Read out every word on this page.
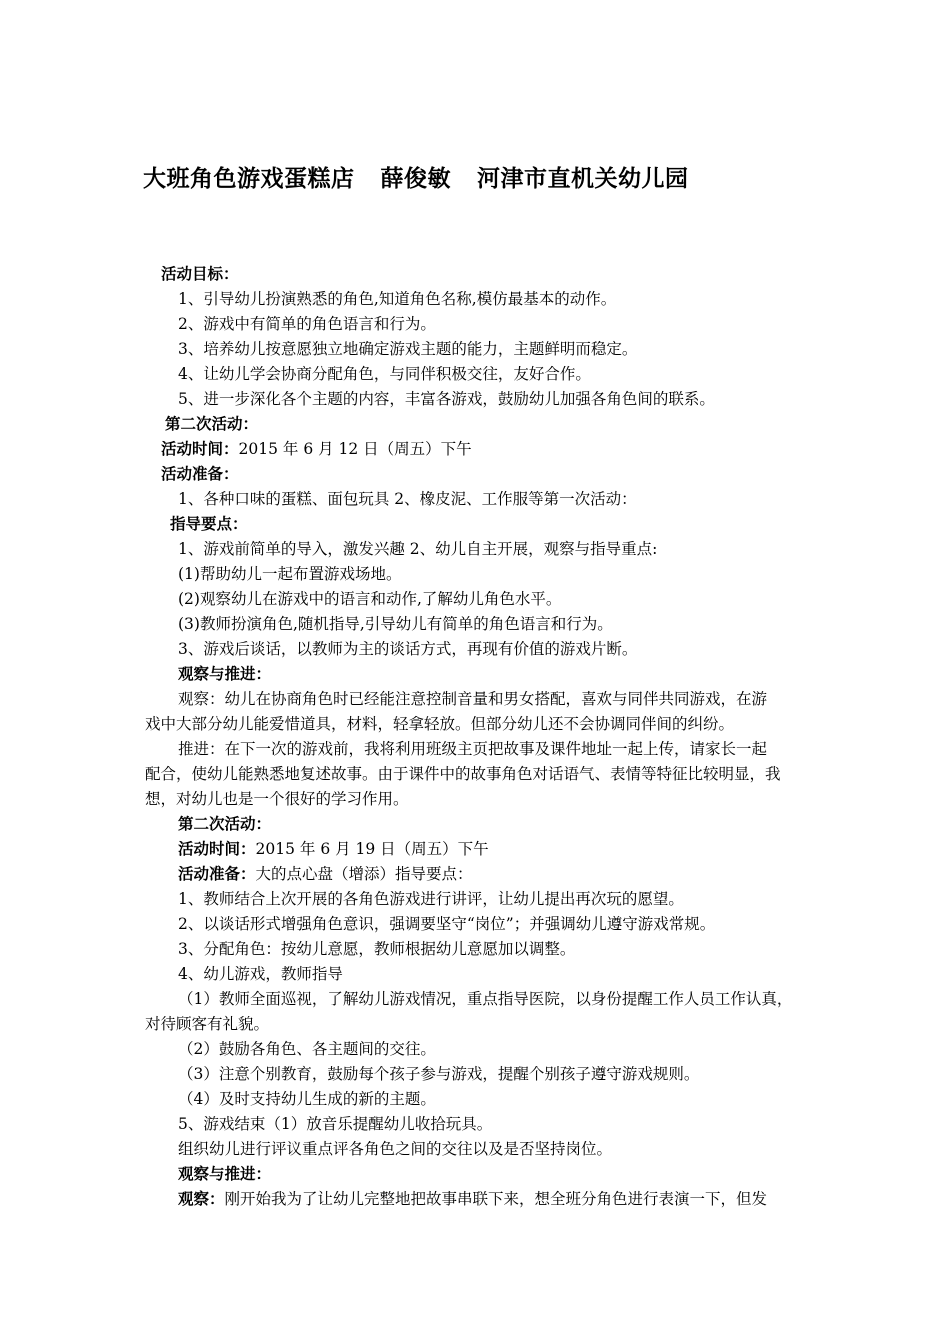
大班角色游戏蛋糕店 薛俊敏 河津市直机关幼儿园
活动目标：
1、引导幼儿扮演熟悉的角色,知道角色名称,模仿最基本的动作。
2、游戏中有简单的角色语言和行为。
3、培养幼儿按意愿独立地确定游戏主题的能力，主题鲜明而稳定。
4、让幼儿学会协商分配角色，与同伴积极交往，友好合作。
5、进一步深化各个主题的内容，丰富各游戏，鼓励幼儿加强各角色间的联系。
第二次活动：
活动时间：2015 年 6 月 12 日（周五）下午
活动准备：
1、各种口味的蛋糕、面包玩具 2、橡皮泥、工作服等第一次活动：
指导要点：
1、游戏前简单的导入，激发兴趣 2、幼儿自主开展，观察与指导重点:
(1)帮助幼儿一起布置游戏场地。
(2)观察幼儿在游戏中的语言和动作,了解幼儿角色水平。
(3)教师扮演角色,随机指导,引导幼儿有简单的角色语言和行为。
3、游戏后谈话，以教师为主的谈话方式，再现有价值的游戏片断。
观察与推进：
观察：幼儿在协商角色时已经能注意控制音量和男女搭配，喜欢与同伴共同游戏，在游
戏中大部分幼儿能爱惜道具，材料，轻拿轻放。但部分幼儿还不会协调同伴间的纠纷。
推进：在下一次的游戏前，我将利用班级主页把故事及课件地址一起上传，请家长一起
配合，使幼儿能熟悉地复述故事。由于课件中的故事角色对话语气、表情等特征比较明显，我
想，对幼儿也是一个很好的学习作用。
第二次活动：
活动时间：2015 年 6 月 19 日（周五）下午
活动准备：大的点心盘（增添）指导要点：
1、教师结合上次开展的各角色游戏进行讲评，让幼儿提出再次玩的愿望。
2、以谈话形式增强角色意识，强调要坚守“岗位”；并强调幼儿遵守游戏常规。
3、分配角色：按幼儿意愿，教师根据幼儿意愿加以调整。
4、幼儿游戏，教师指导
（1）教师全面巡视，了解幼儿游戏情况，重点指导医院，以身份提醒工作人员工作认真，
对待顾客有礼貌。
（2）鼓励各角色、各主题间的交往。
（3）注意个别教育，鼓励每个孩子参与游戏，提醒个别孩子遵守游戏规则。
（4）及时支持幼儿生成的新的主题。
5、游戏结束（1）放音乐提醒幼儿收拾玩具。
组织幼儿进行评议重点评各角色之间的交往以及是否坚持岗位。
观察与推进：
观察：刚开始我为了让幼儿完整地把故事串联下来，想全班分角色进行表演一下，但发
